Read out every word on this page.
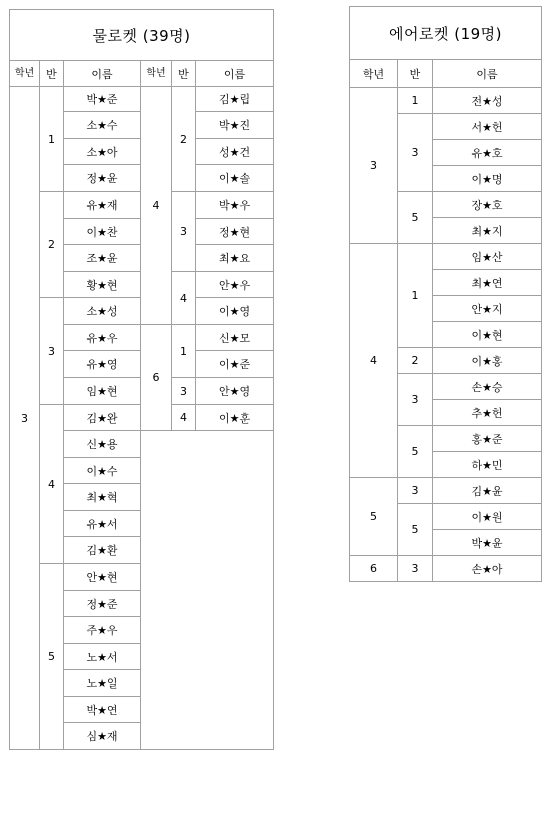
물로켓 (39명)					
학년	반	이름	학년	반	이름
3	1	박★준	4	2	김★립
		소★수			박★진
		소★아			성★건
		정★윤			이★솔
	2	유★재		3	박★우
		이★찬			정★현
		조★윤			최★요
		황★현		4	안★우
	3	소★성			이★영
		유★우	6	1	신★모
		유★영			이★준
		임★현		3	안★영
	4	김★완		4	이★훈
		신★용			
		이★수			
		최★혁			
		유★서			
		김★환			
	5	안★현			
		정★준			
		주★우			
		노★서			
		노★일			
		박★연			
		심★재			
에어로켓 (19명)		
학년	반	이름
3	1	전★성
	3	서★헌
		유★호
		이★명
	5	장★호
		최★지
4	1	임★산
		최★연
		안★지
		이★현
	2	이★홍
	3	손★승
		추★헌
	5	홍★준
		하★민
5	3	김★윤
	5	이★원
		박★윤
6	3	손★아
